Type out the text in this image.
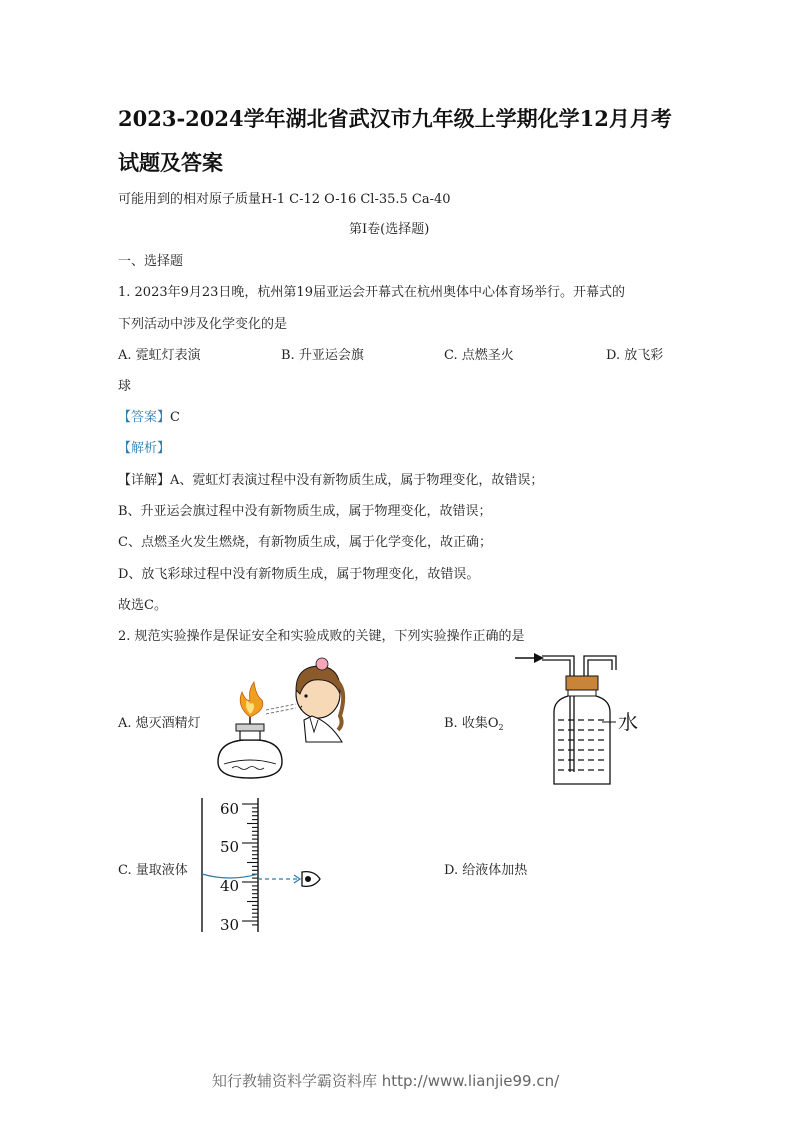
2023-2024学年湖北省武汉市九年级上学期化学12月月考
试题及答案
可能用到的相对原子质量H-1 C-12 O-16 Cl-35.5 Ca-40
第Ⅰ卷(选择题)
一、选择题
1. 2023年9月23日晚，杭州第19届亚运会开幕式在杭州奥体中心体育场举行。开幕式的
下列活动中涉及化学变化的是
A. 霓虹灯表演	B. 升亚运会旗	C. 点燃圣火	D. 放飞彩
球
【答案】C
【解析】
【详解】A、霓虹灯表演过程中没有新物质生成，属于物理变化，故错误；
B、升亚运会旗过程中没有新物质生成，属于物理变化，故错误；
C、点燃圣火发生燃烧，有新物质生成，属于化学变化，故正确；
D、放飞彩球过程中没有新物质生成，属于物理变化，故错误。
故选C。
2. 规范实验操作是保证安全和实验成败的关键，下列实验操作正确的是
A. 熄灭酒精灯	B. 收集$O_2$
C. 量取液体	D. 给液体加热
水
60
50
40
30
知行教辅资料学霸资料库 http://www.lianjie99.cn/
